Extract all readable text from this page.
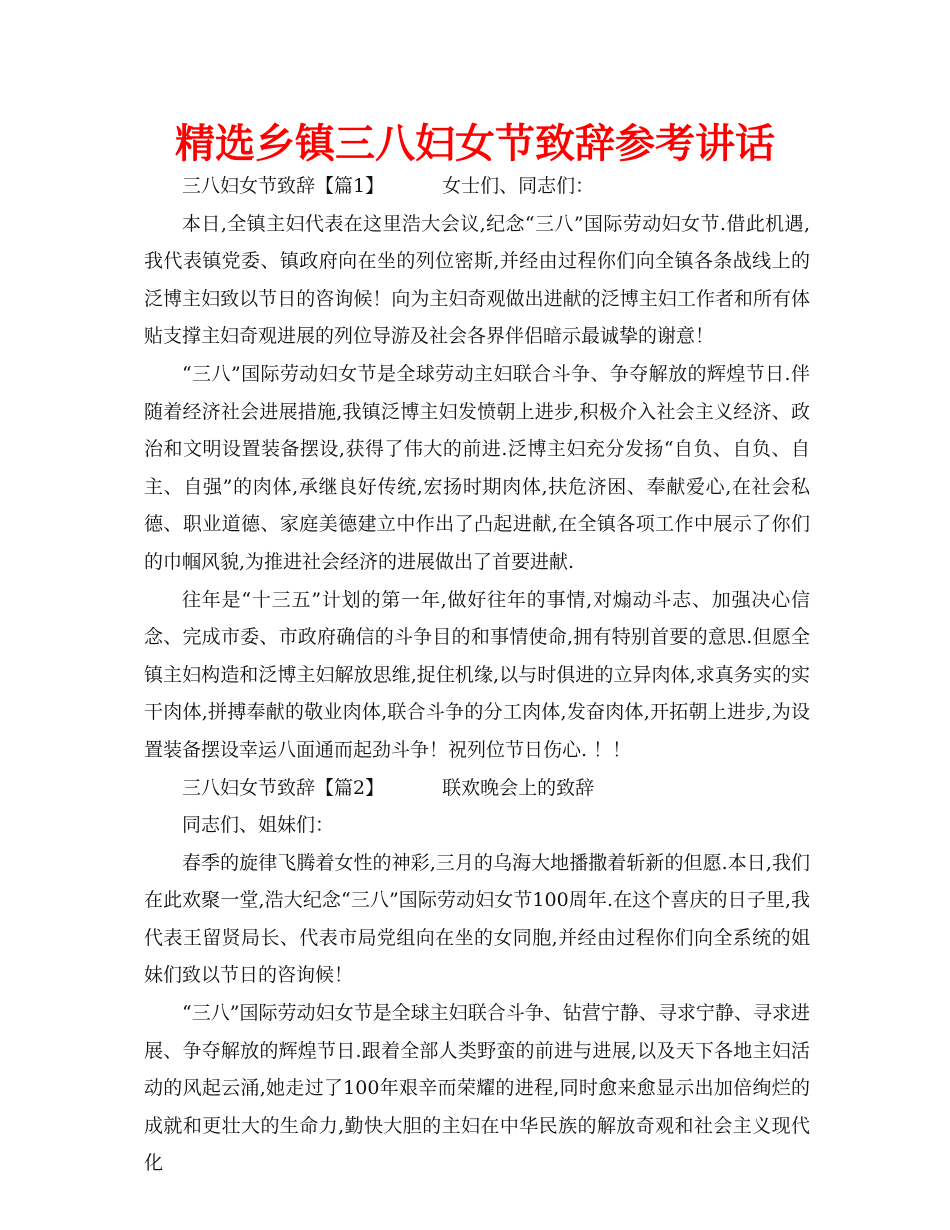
精选乡镇三八妇女节致辞参考讲话

三八妇女节致辞【篇1】	女士们、同志们：

本日,全镇主妇代表在这里浩大会议,纪念“三八”国际劳动妇女节.借此机遇,我代表镇党委、镇政府向在坐的列位密斯,并经由过程你们向全镇各条战线上的泛博主妇致以节日的咨询候！向为主妇奇观做出进献的泛博主妇工作者和所有体贴支撑主妇奇观进展的列位导游及社会各界伴侣暗示最诚挚的谢意！

“三八”国际劳动妇女节是全球劳动主妇联合斗争、争夺解放的辉煌节日.伴随着经济社会进展措施,我镇泛博主妇发愤朝上进步,积极介入社会主义经济、政治和文明设置装备摆设,获得了伟大的前进.泛博主妇充分发扬“自负、自负、自主、自强”的肉体,承继良好传统,宏扬时期肉体,扶危济困、奉献爱心,在社会私德、职业道德、家庭美德建立中作出了凸起进献,在全镇各项工作中展示了你们的巾帼风貌,为推进社会经济的进展做出了首要进献.

往年是“十三五”计划的第一年,做好往年的事情,对煽动斗志、加强决心信念、完成市委、市政府确信的斗争目的和事情使命,拥有特别首要的意思.但愿全镇主妇构造和泛博主妇解放思维,捉住机缘,以与时俱进的立异肉体,求真务实的实干肉体,拼搏奉献的敬业肉体,联合斗争的分工肉体,发奋肉体,开拓朝上进步,为设置装备摆设幸运八面通而起劲斗争！祝列位节日伤心. ！！

三八妇女节致辞【篇2】	联欢晚会上的致辞

同志们、姐妹们：

春季的旋律飞腾着女性的神彩,三月的乌海大地播撒着斩新的但愿.本日,我们在此欢聚一堂,浩大纪念“三八”国际劳动妇女节100周年.在这个喜庆的日子里,我代表王留贤局长、代表市局党组向在坐的女同胞,并经由过程你们向全系统的姐妹们致以节日的咨询候！

“三八”国际劳动妇女节是全球主妇联合斗争、钻营宁静、寻求宁静、寻求进展、争夺解放的辉煌节日.跟着全部人类野蛮的前进与进展,以及天下各地主妇活动的风起云涌,她走过了100年艰辛而荣耀的进程,同时愈来愈显示出加倍绚烂的成就和更壮大的生命力,勤快大胆的主妇在中华民族的解放奇观和社会主义现代化
